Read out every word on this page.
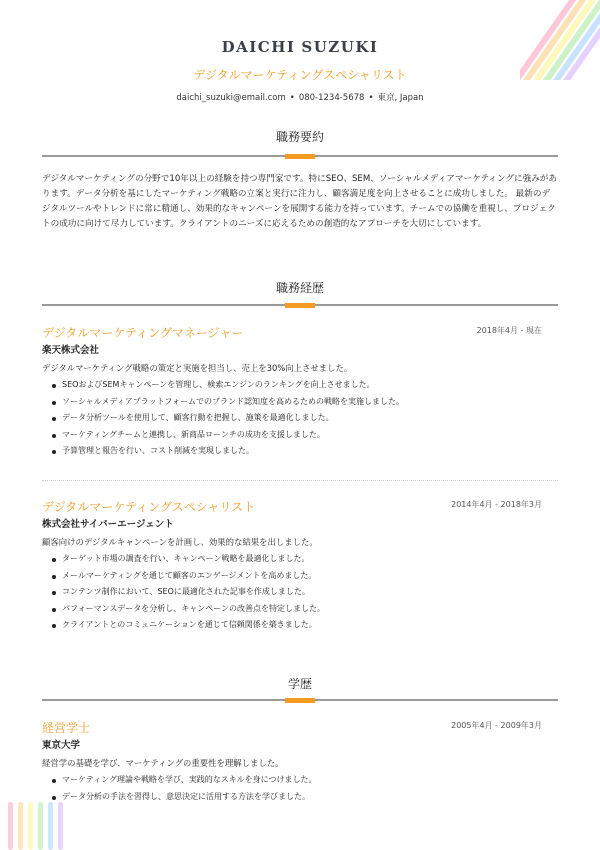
DAICHI SUZUKI
デジタルマーケティングスペシャリスト
daichi_suzuki@email.com • 080-1234-5678 • 東京, Japan
職務要約
デジタルマーケティングの分野で10年以上の経験を持つ専門家です。特にSEO、SEM、ソーシャルメディアマーケティングに強みがあります。データ分析を基にしたマーケティング戦略の立案と実行に注力し、顧客満足度を向上させることに成功しました。 最新のデジタルツールやトレンドに常に精通し、効果的なキャンペーンを展開する能力を持っています。チームでの協働を重視し、プロジェクトの成功に向けて尽力しています。クライアントのニーズに応えるための創造的なアプローチを大切にしています。
職務経歴
デジタルマーケティングマネージャー	2018年4月 - 現在
楽天株式会社
デジタルマーケティング戦略の策定と実施を担当し、売上を30%向上させました。
SEOおよびSEMキャンペーンを管理し、検索エンジンのランキングを向上させました。
ソーシャルメディアプラットフォームでのブランド認知度を高めるための戦略を実施しました。
データ分析ツールを使用して、顧客行動を把握し、施策を最適化しました。
マーケティングチームと連携し、新商品ローンチの成功を支援しました。
予算管理と報告を行い、コスト削減を実現しました。
デジタルマーケティングスペシャリスト	2014年4月 - 2018年3月
株式会社サイバーエージェント
顧客向けのデジタルキャンペーンを計画し、効果的な結果を出しました。
ターゲット市場の調査を行い、キャンペーン戦略を最適化しました。
メールマーケティングを通じて顧客のエンゲージメントを高めました。
コンテンツ制作において、SEOに最適化された記事を作成しました。
パフォーマンスデータを分析し、キャンペーンの改善点を特定しました。
クライアントとのコミュニケーションを通じて信頼関係を築きました。
学歴
経営学士	2005年4月 - 2009年3月
東京大学
経営学の基礎を学び、マーケティングの重要性を理解しました。
マーケティング理論や戦略を学び、実践的なスキルを身につけました。
データ分析の手法を習得し、意思決定に活用する方法を学びました。
